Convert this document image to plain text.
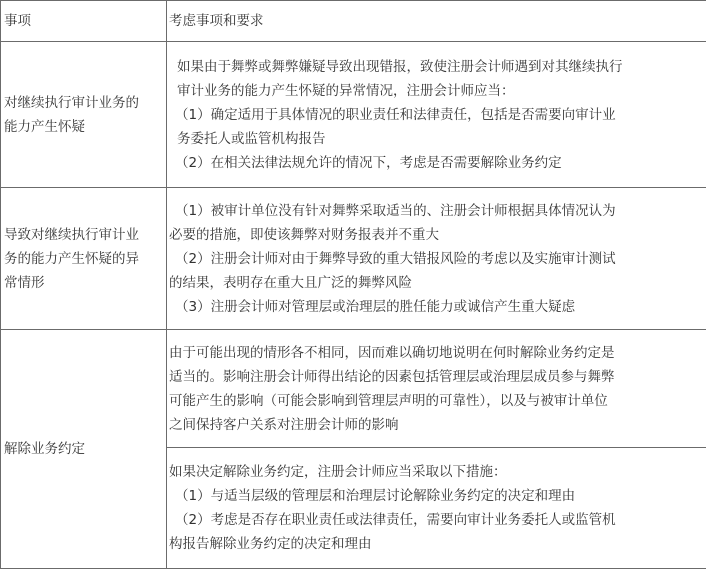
事项	考虑事项和要求

对继续执行审计业务的
能力产生怀疑	如果由于舞弊或舞弊嫌疑导致出现错报，致使注册会计师遇到对其继续执行
审计业务的能力产生怀疑的异常情况，注册会计师应当：
（1）确定适用于具体情况的职业责任和法律责任，包括是否需要向审计业
务委托人或监管机构报告
（2）在相关法律法规允许的情况下，考虑是否需要解除业务约定

导致对继续执行审计业
务的能力产生怀疑的异
常情形	（1）被审计单位没有针对舞弊采取适当的、注册会计师根据具体情况认为
必要的措施，即使该舞弊对财务报表并不重大
（2）注册会计师对由于舞弊导致的重大错报风险的考虑以及实施审计测试
的结果，表明存在重大且广泛的舞弊风险
（3）注册会计师对管理层或治理层的胜任能力或诚信产生重大疑虑

解除业务约定	由于可能出现的情形各不相同，因而难以确切地说明在何时解除业务约定是
适当的。影响注册会计师得出结论的因素包括管理层或治理层成员参与舞弊
可能产生的影响（可能会影响到管理层声明的可靠性），以及与被审计单位
之间保持客户关系对注册会计师的影响

	如果决定解除业务约定，注册会计师应当采取以下措施：
（1）与适当层级的管理层和治理层讨论解除业务约定的决定和理由
（2）考虑是否存在职业责任或法律责任，需要向审计业务委托人或监管机
构报告解除业务约定的决定和理由
